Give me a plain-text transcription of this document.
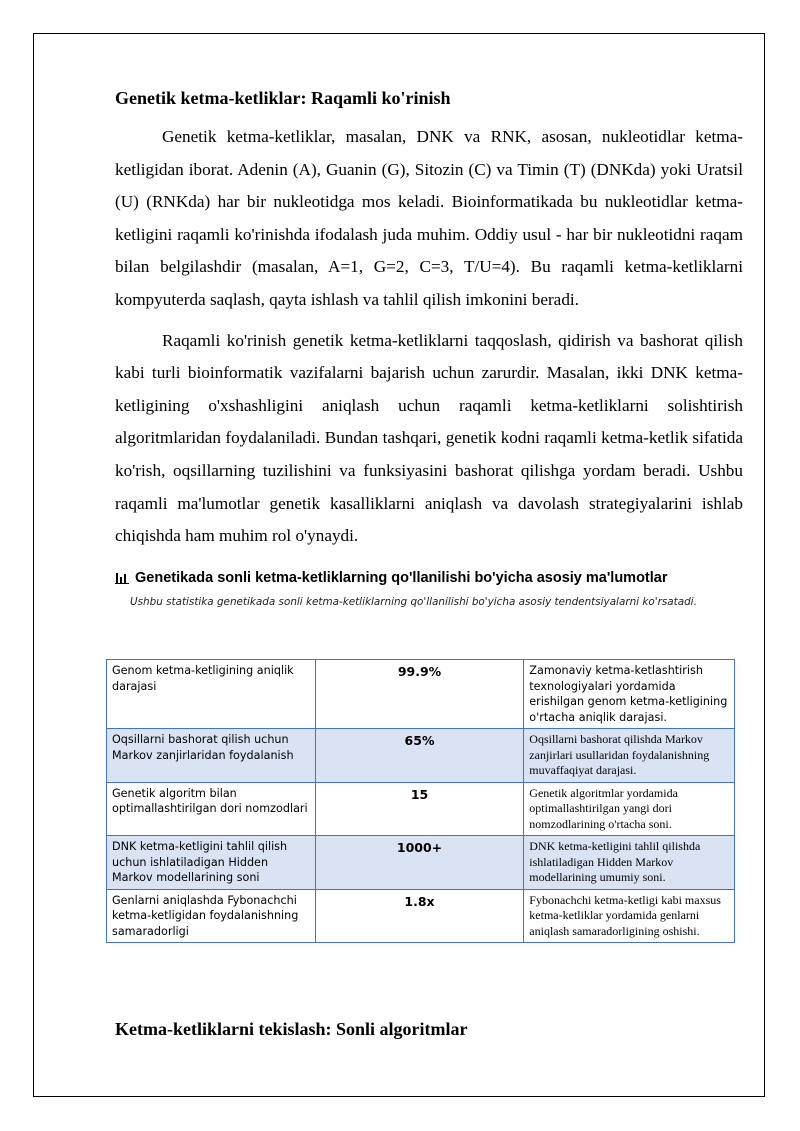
Genetik ketma-ketliklar: Raqamli ko'rinish

Genetik ketma-ketliklar, masalan, DNK va RNK, asosan, nukleotidlar ketma-ketligidan iborat. Adenin (A), Guanin (G), Sitozin (C) va Timin (T) (DNKda) yoki Uratsil (U) (RNKda) har bir nukleotidga mos keladi. Bioinformatikada bu nukleotidlar ketma-ketligini raqamli ko'rinishda ifodalash juda muhim. Oddiy usul - har bir nukleotidni raqam bilan belgilashdir (masalan, A=1, G=2, C=3, T/U=4). Bu raqamli ketma-ketliklarni kompyuterda saqlash, qayta ishlash va tahlil qilish imkonini beradi.

Raqamli ko'rinish genetik ketma-ketliklarni taqqoslash, qidirish va bashorat qilish kabi turli bioinformatik vazifalarni bajarish uchun zarurdir. Masalan, ikki DNK ketma-ketligining o'xshashligini aniqlash uchun raqamli ketma-ketliklarni solishtirish algoritmlaridan foydalaniladi. Bundan tashqari, genetik kodni raqamli ketma-ketlik sifatida ko'rish, oqsillarning tuzilishini va funksiyasini bashorat qilishga yordam beradi. Ushbu raqamli ma'lumotlar genetik kasalliklarni aniqlash va davolash strategiyalarini ishlab chiqishda ham muhim rol o'ynaydi.

Genetikada sonli ketma-ketliklarning qo'llanilishi bo'yicha asosiy ma'lumotlar
Ushbu statistika genetikada sonli ketma-ketliklarning qo'llanilishi bo'yicha asosiy tendentsiyalarni ko'rsatadi.
Genom ketma-ketligining aniqlik darajasi	99.9%	Zamonaviy ketma-ketlashtirish texnologiyalari yordamida erishilgan genom ketma-ketligining o'rtacha aniqlik darajasi.
Oqsillarni bashorat qilish uchun Markov zanjirlaridan foydalanish	65%	Oqsillarni bashorat qilishda Markov zanjirlari usullaridan foydalanishning muvaffaqiyat darajasi.
Genetik algoritm bilan optimallashtirilgan dori nomzodlari	15	Genetik algoritmlar yordamida optimallashtirilgan yangi dori nomzodlarining o'rtacha soni.
DNK ketma-ketligini tahlil qilish uchun ishlatiladigan Hidden Markov modellarining soni	1000+	DNK ketma-ketligini tahlil qilishda ishlatiladigan Hidden Markov modellarining umumiy soni.
Genlarni aniqlashda Fybonachchi ketma-ketligidan foydalanishning samaradorligi	1.8x	Fybonachchi ketma-ketligi kabi maxsus ketma-ketliklar yordamida genlarni aniqlash samaradorligining oshishi.
Ketma-ketliklarni tekislash: Sonli algoritmlar
